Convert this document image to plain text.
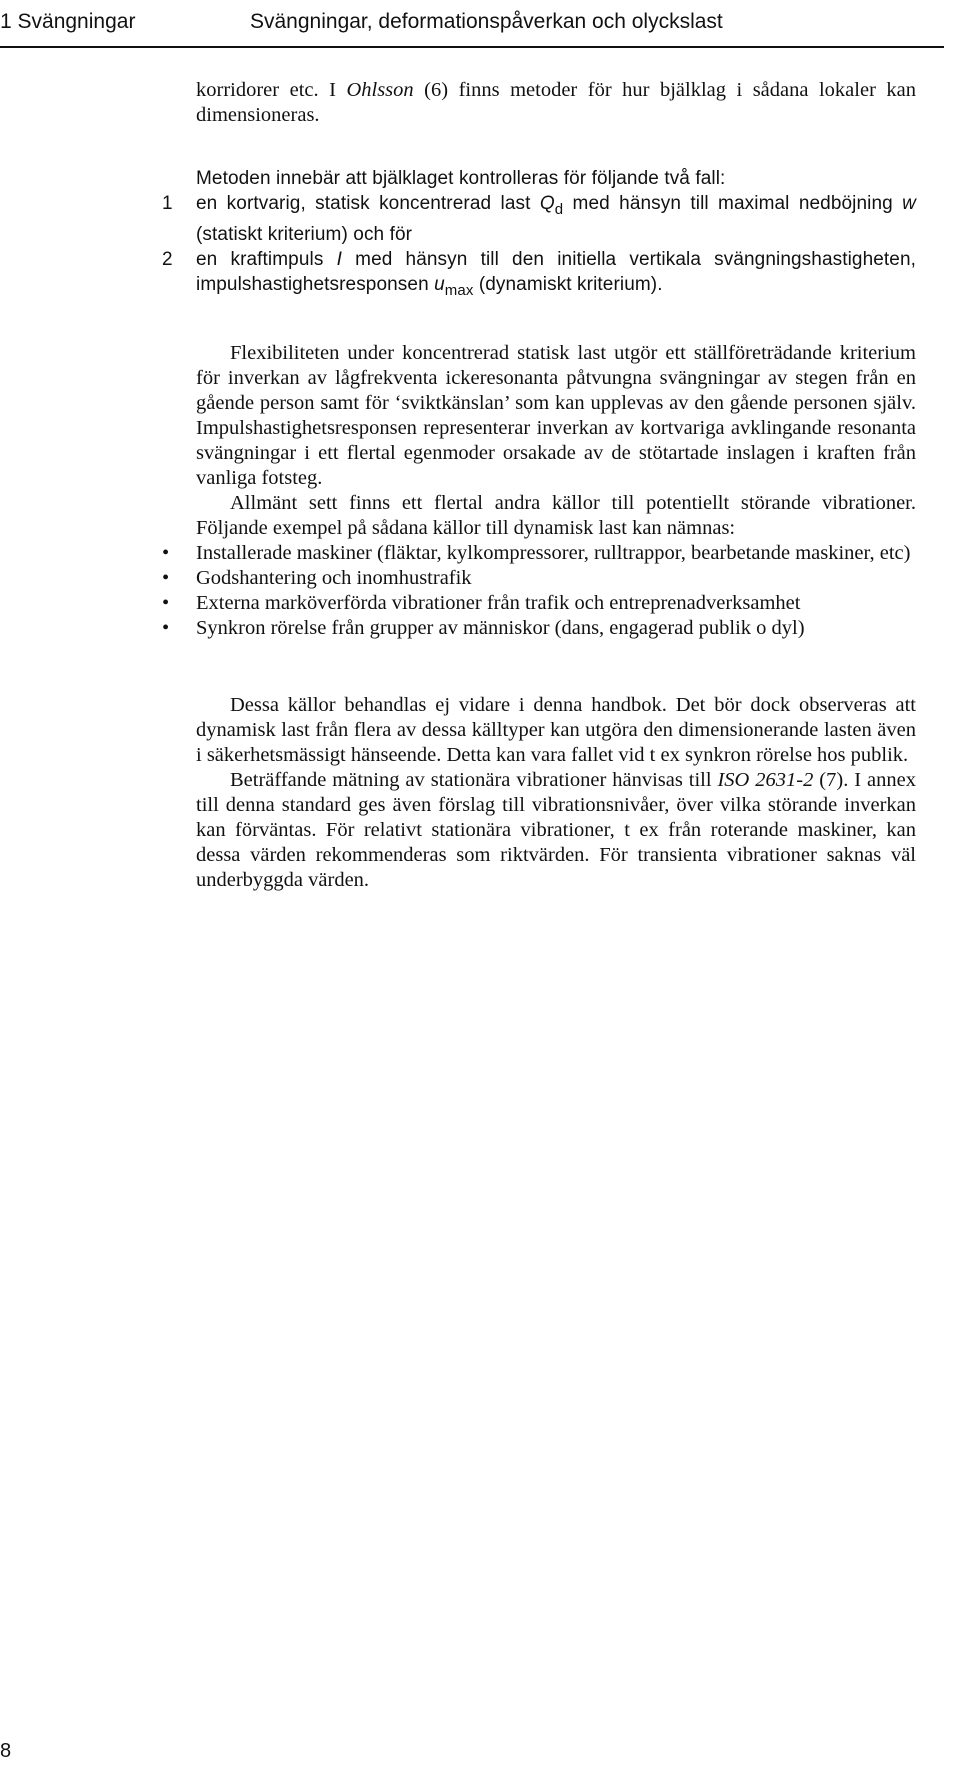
1 Svängningar	Svängningar, deformationspåverkan och olyckslast

korridorer etc. I Ohlsson (6) finns metoder för hur bjälklag i sådana lokaler kan dimensioneras.

Metoden innebär att bjälklaget kontrolleras för följande två fall:

1 en kortvarig, statisk koncentrerad last $Q_d$ med hänsyn till maximal nedböjning w (statiskt kriterium) och för
2 en kraftimpuls I med hänsyn till den initiella vertikala svängningshastigheten, impulshastighetsresponsen $u_{max}$ (dynamiskt kriterium).

Flexibiliteten under koncentrerad statisk last utgör ett ställföreträdande kriterium för inverkan av lågfrekventa ickeresonanta påtvungna svängningar av stegen från en gående person samt för ‘sviktkänslan’ som kan upplevas av den gående personen själv. Impulshastighetsresponsen representerar inverkan av kortvariga avklingande resonanta svängningar i ett flertal egenmoder orsakade av de stötartade inslagen i kraften från vanliga fotsteg.

Allmänt sett finns ett flertal andra källor till potentiellt störande vibrationer. Följande exempel på sådana källor till dynamisk last kan nämnas:

• Installerade maskiner (fläktar, kylkompressorer, rulltrappor, bearbetande maskiner, etc)
• Godshantering och inomhustrafik
• Externa marköverförda vibrationer från trafik och entreprenadverksamhet
• Synkron rörelse från grupper av människor (dans, engagerad publik o dyl)

Dessa källor behandlas ej vidare i denna handbok. Det bör dock observeras att dynamisk last från flera av dessa källtyper kan utgöra den dimensionerande lasten även i säkerhetsmässigt hänseende. Detta kan vara fallet vid t ex synkron rörelse hos publik.

Beträffande mätning av stationära vibrationer hänvisas till ISO 2631-2 (7). I annex till denna standard ges även förslag till vibrationsnivåer, över vilka störande inverkan kan förväntas. För relativt stationära vibrationer, t ex från roterande maskiner, kan dessa värden rekommenderas som riktvärden. För transienta vibrationer saknas väl underbyggda värden.

8
